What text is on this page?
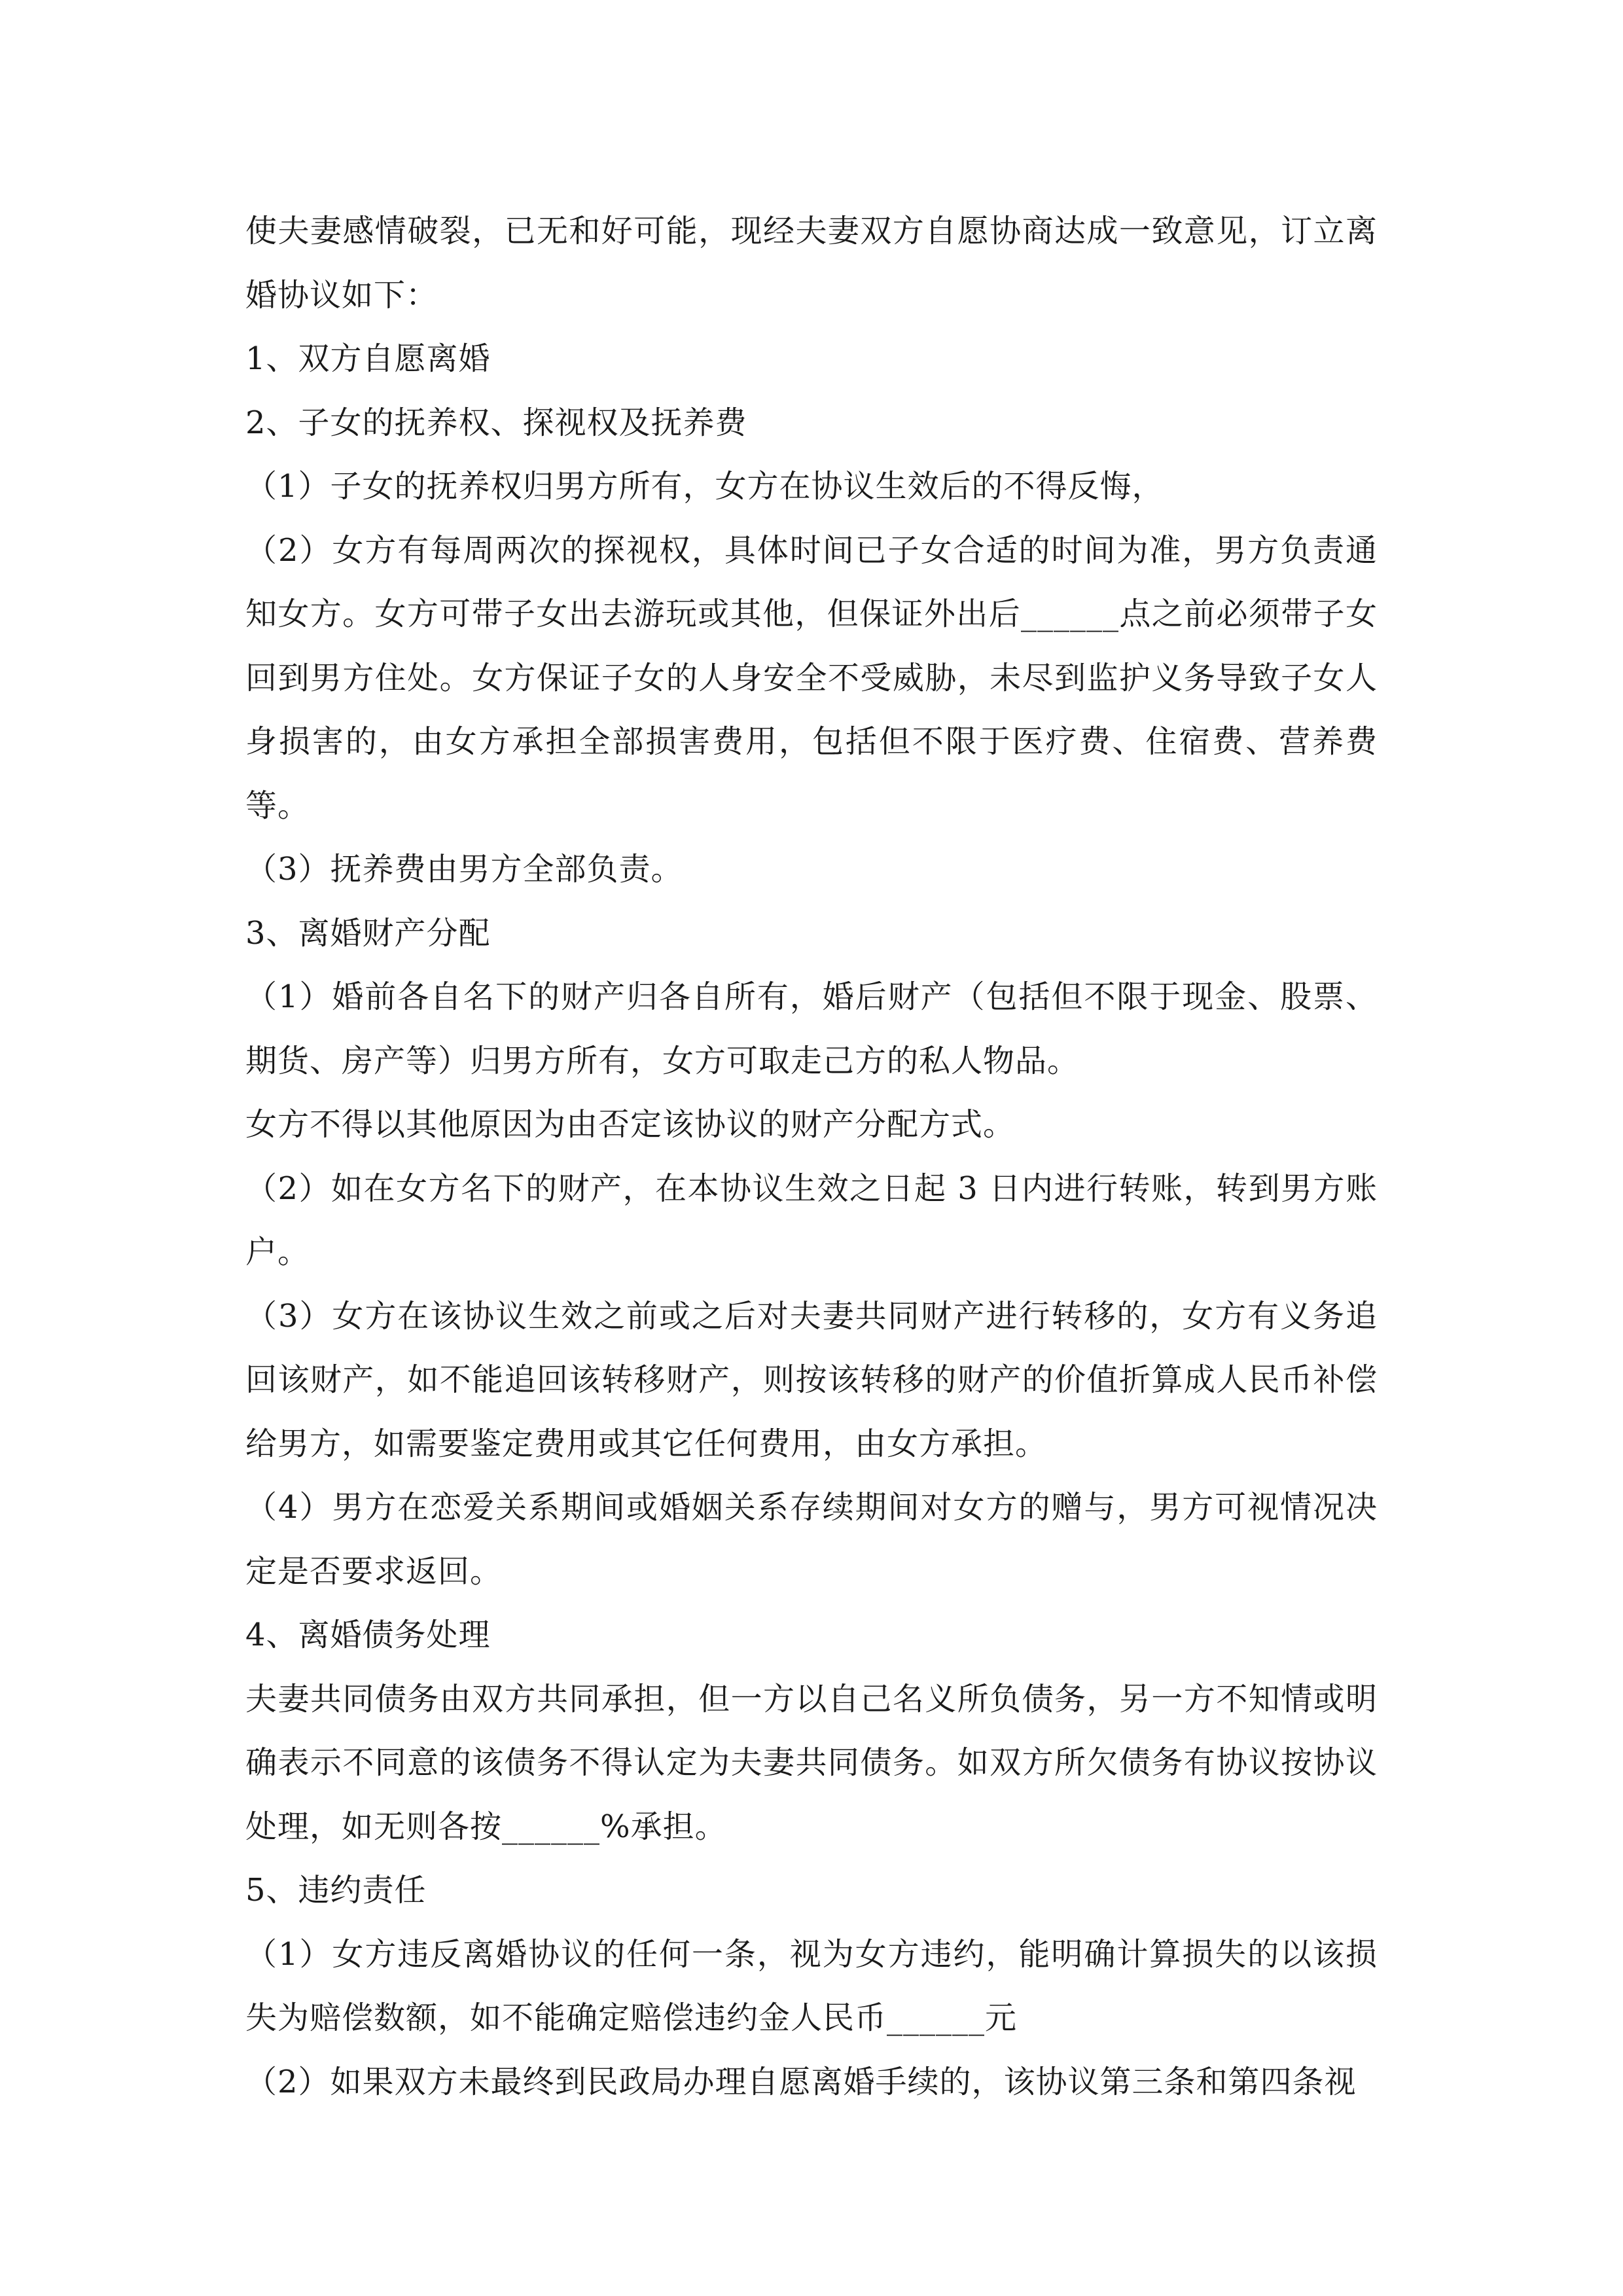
使夫妻感情破裂，已无和好可能，现经夫妻双方自愿协商达成一致意见，订立离婚协议如下：

1、双方自愿离婚

2、子女的抚养权、探视权及抚养费

（1）子女的抚养权归男方所有，女方在协议生效后的不得反悔，

（2）女方有每周两次的探视权，具体时间已子女合适的时间为准，男方负责通知女方。女方可带子女出去游玩或其他，但保证外出后______点之前必须带子女回到男方住处。女方保证子女的人身安全不受威胁，未尽到监护义务导致子女人身损害的，由女方承担全部损害费用，包括但不限于医疗费、住宿费、营养费等。

（3）抚养费由男方全部负责。

3、离婚财产分配

（1）婚前各自名下的财产归各自所有，婚后财产（包括但不限于现金、股票、期货、房产等）归男方所有，女方可取走己方的私人物品。

女方不得以其他原因为由否定该协议的财产分配方式。

（2）如在女方名下的财产，在本协议生效之日起 3 日内进行转账，转到男方账户。

（3）女方在该协议生效之前或之后对夫妻共同财产进行转移的，女方有义务追回该财产，如不能追回该转移财产，则按该转移的财产的价值折算成人民币补偿给男方，如需要鉴定费用或其它任何费用，由女方承担。

（4）男方在恋爱关系期间或婚姻关系存续期间对女方的赠与，男方可视情况决定是否要求返回。

4、离婚债务处理

夫妻共同债务由双方共同承担，但一方以自己名义所负债务，另一方不知情或明确表示不同意的该债务不得认定为夫妻共同债务。如双方所欠债务有协议按协议处理，如无则各按______%承担。

5、违约责任

（1）女方违反离婚协议的任何一条，视为女方违约，能明确计算损失的以该损失为赔偿数额，如不能确定赔偿违约金人民币______元

（2）如果双方未最终到民政局办理自愿离婚手续的，该协议第三条和第四条视
